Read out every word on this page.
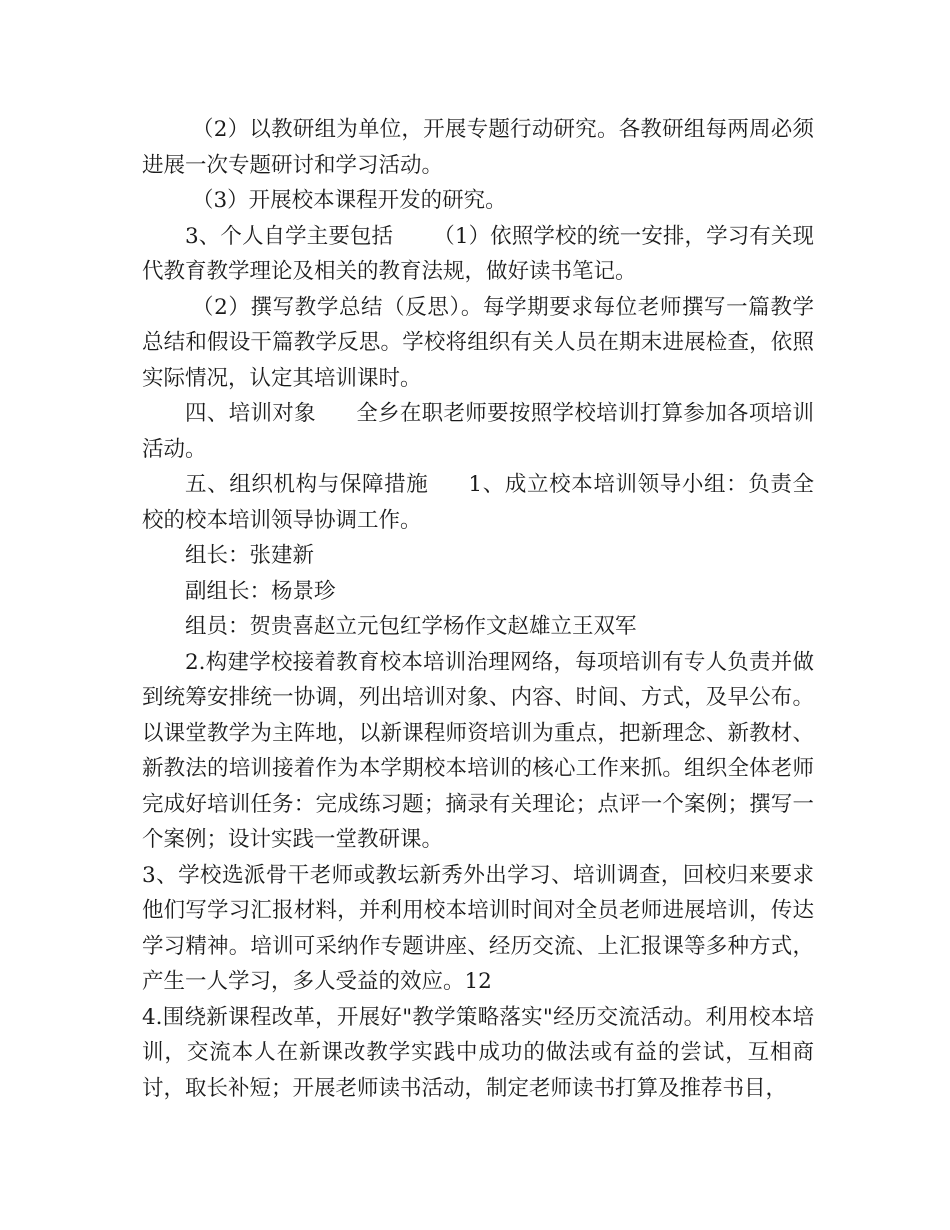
（2）以教研组为单位，开展专题行动研究。各教研组每两周必须进展一次专题研讨和学习活动。

（3）开展校本课程开发的研究。

3、个人自学主要包括 （1）依照学校的统一安排，学习有关现代教育教学理论及相关的教育法规，做好读书笔记。

（2）撰写教学总结（反思）。每学期要求每位老师撰写一篇教学总结和假设干篇教学反思。学校将组织有关人员在期末进展检查，依照实际情况，认定其培训课时。

四、培训对象 全乡在职老师要按照学校培训打算参加各项培训活动。

五、组织机构与保障措施 1、成立校本培训领导小组：负责全校的校本培训领导协调工作。

组长：张建新

副组长：杨景珍

组员：贺贵喜赵立元包红学杨作文赵雄立王双军

2.构建学校接着教育校本培训治理网络，每项培训有专人负责并做到统筹安排统一协调，列出培训对象、内容、时间、方式，及早公布。以课堂教学为主阵地，以新课程师资培训为重点，把新理念、新教材、新教法的培训接着作为本学期校本培训的核心工作来抓。组织全体老师完成好培训任务：完成练习题；摘录有关理论；点评一个案例；撰写一个案例；设计实践一堂教研课。

3、学校选派骨干老师或教坛新秀外出学习、培训调查，回校归来要求他们写学习汇报材料，并利用校本培训时间对全员老师进展培训，传达学习精神。培训可采纳作专题讲座、经历交流、上汇报课等多种方式，产生一人学习，多人受益的效应。12

4.围绕新课程改革，开展好"教学策略落实"经历交流活动。利用校本培训，交流本人在新课改教学实践中成功的做法或有益的尝试，互相商讨，取长补短；开展老师读书活动，制定老师读书打算及推荐书目，
